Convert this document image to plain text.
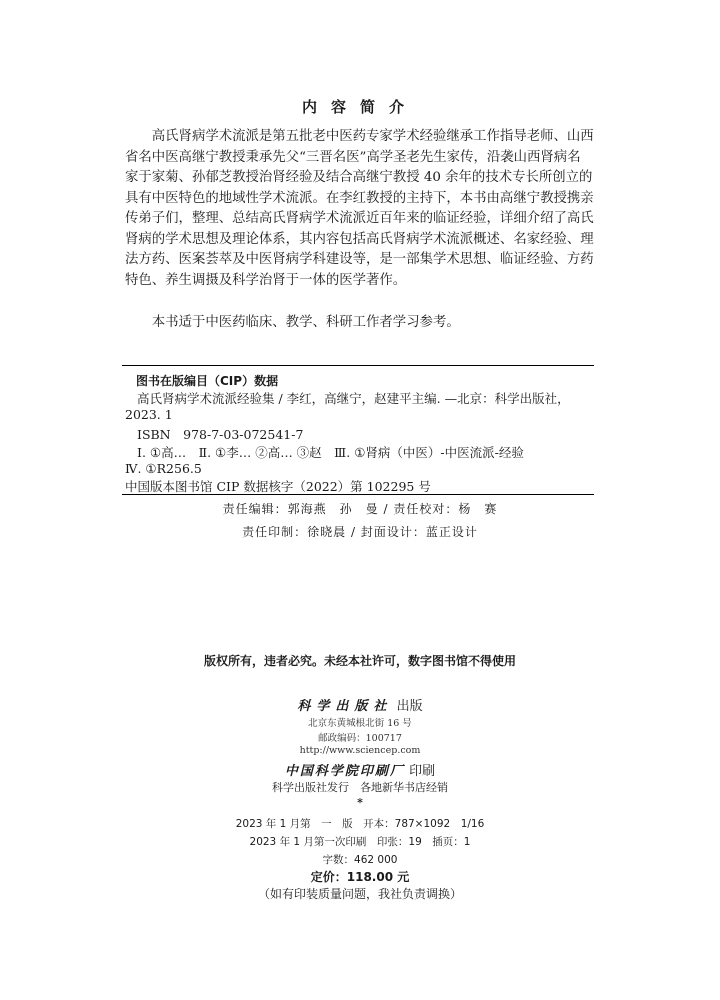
内容简介
　　高氏肾病学术流派是第五批老中医药专家学术经验继承工作指导老师、山西
省名中医高继宁教授秉承先父“三晋名医”高学圣老先生家传，沿袭山西肾病名
家于家菊、孙郁芝教授治肾经验及结合高继宁教授 40 余年的技术专长所创立的
具有中医特色的地域性学术流派。在李红教授的主持下，本书由高继宁教授携亲
传弟子们，整理、总结高氏肾病学术流派近百年来的临证经验，详细介绍了高氏
肾病的学术思想及理论体系，其内容包括高氏肾病学术流派概述、名家经验、理
法方药、医案荟萃及中医肾病学科建设等，是一部集学术思想、临证经验、方药
特色、养生调摄及科学治肾于一体的医学著作。
　　本书适于中医药临床、教学、科研工作者学习参考。
图书在版编目（CIP）数据
高氏肾病学术流派经验集 / 李红，高继宁，赵建平主编. —北京：科学出版社，
2023. 1
ISBN　978-7-03-072541-7
Ⅰ. ①高…　Ⅱ. ①李… ②高… ③赵　Ⅲ. ①肾病（中医）-中医流派-经验
Ⅳ. ①R256.5
中国版本图书馆 CIP 数据核字（2022）第 102295 号
责任编辑：郭海燕　孙　曼 / 责任校对：杨　赛
责任印制：徐晓晨 / 封面设计：蓝正设计
版权所有，违者必究。未经本社许可，数字图书馆不得使用
科学出版社 出版
北京东黄城根北街 16 号
邮政编码：100717
http://www.sciencep.com
中国科学院印刷厂 印刷
科学出版社发行　各地新华书店经销
*
2023 年 1 月第　一　版　开本：787×1092　1/16
2023 年 1 月第一次印刷　印张：19　插页：1
字数：462 000
定价：118.00 元
（如有印装质量问题，我社负责调换）
